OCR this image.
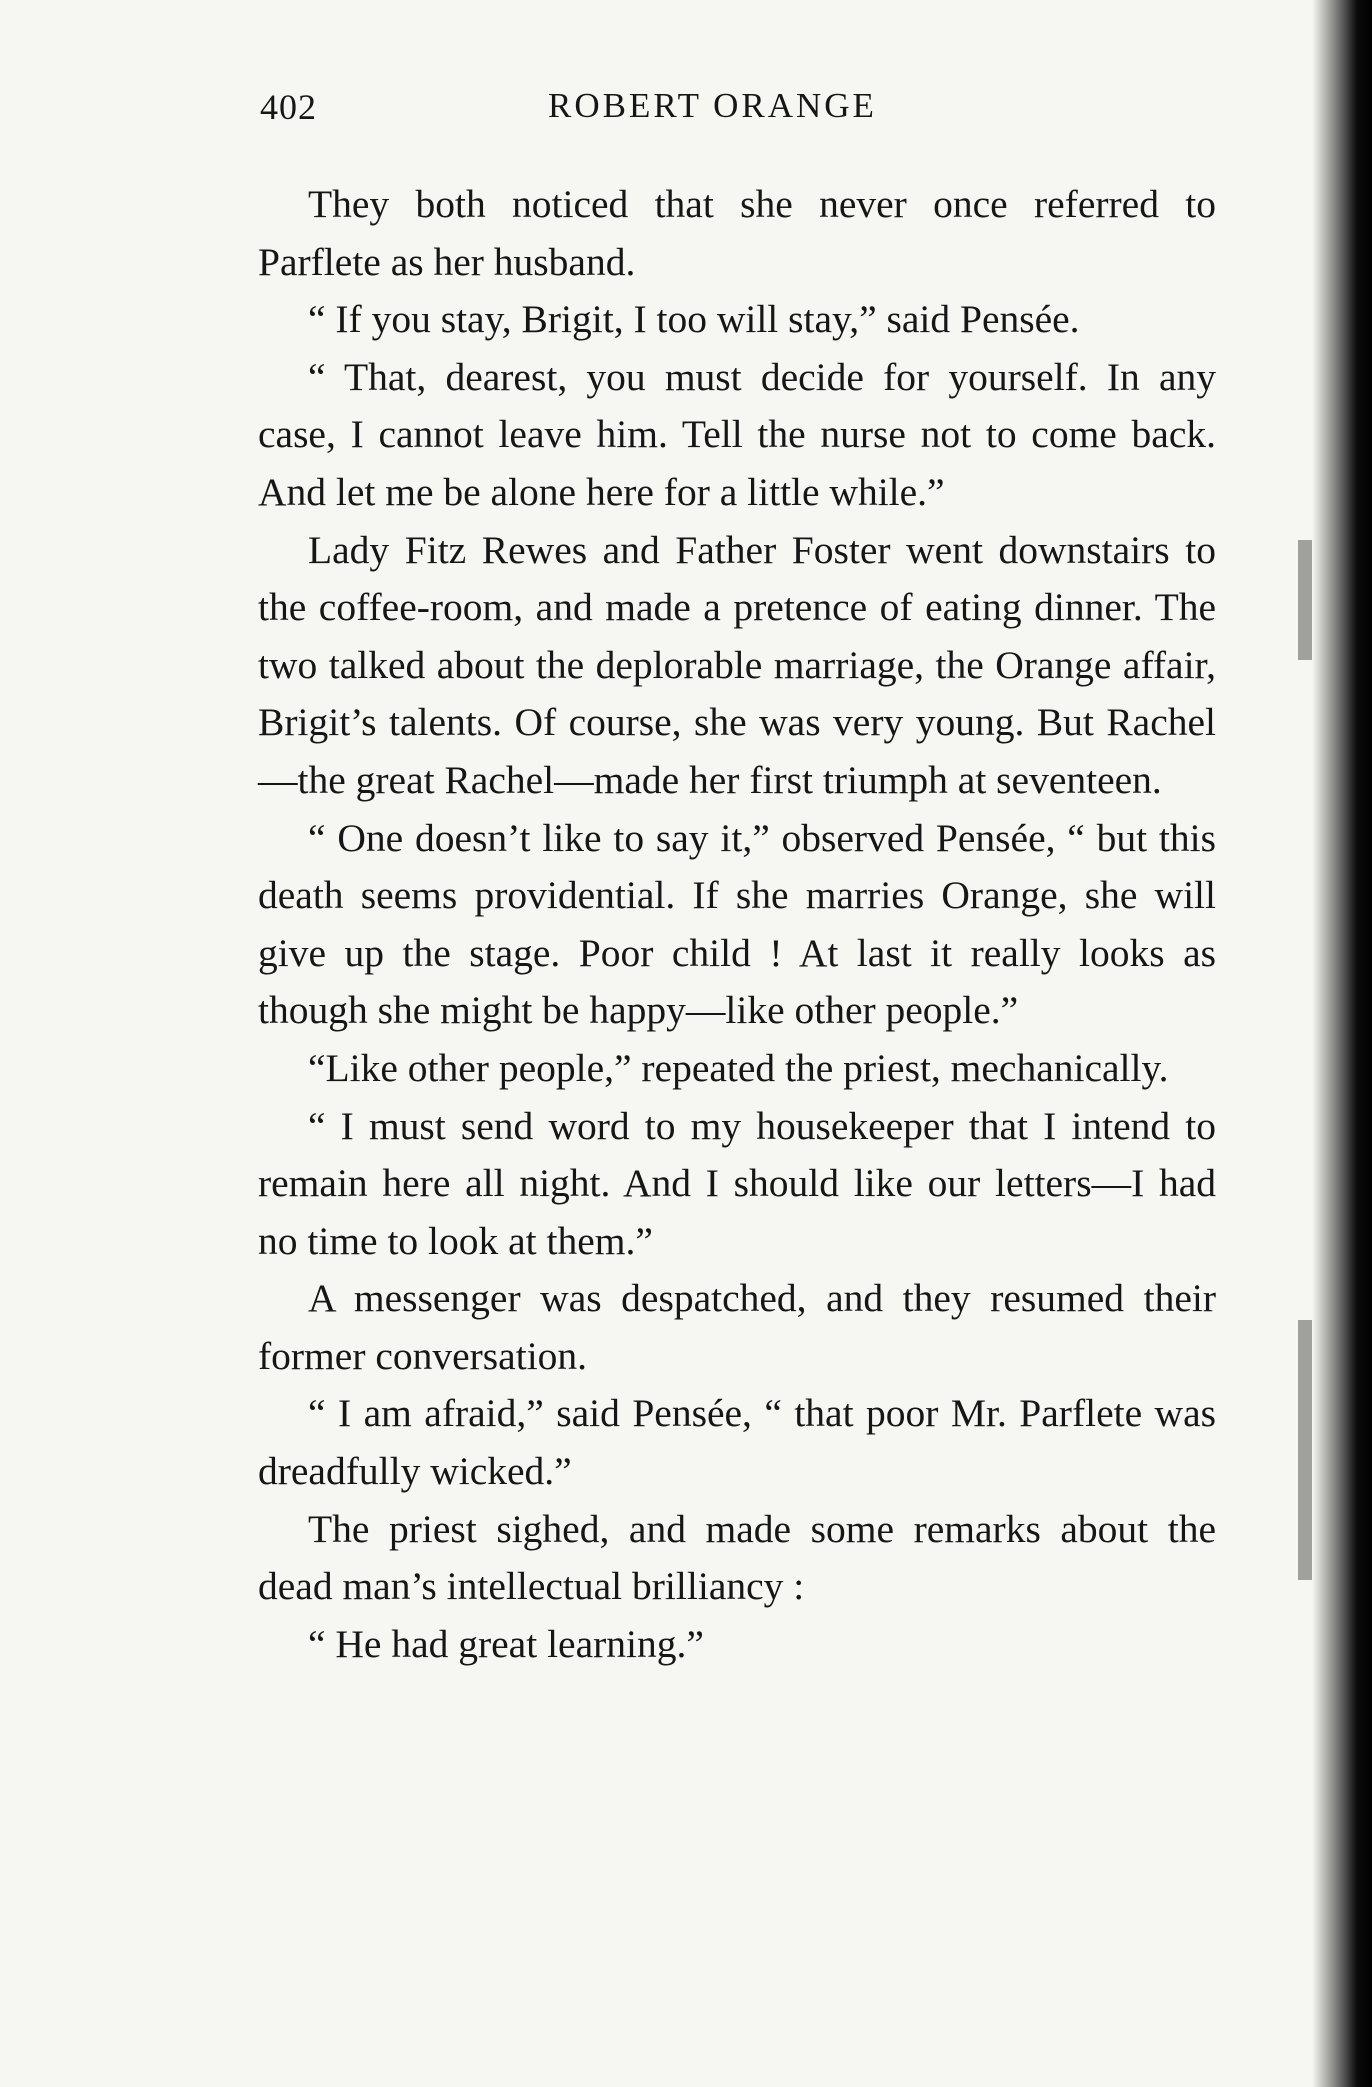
402	ROBERT ORANGE

They both noticed that she never once referred to Parflete as her husband.

“ If you stay, Brigit, I too will stay,” said Pensée.

“ That, dearest, you must decide for yourself. In any case, I cannot leave him. Tell the nurse not to come back. And let me be alone here for a little while.”

Lady Fitz Rewes and Father Foster went downstairs to the coffee-room, and made a pretence of eating dinner. The two talked about the deplorable marriage, the Orange affair, Brigit’s talents. Of course, she was very young. But Rachel—the great Rachel—made her first triumph at seventeen.

“ One doesn’t like to say it,” observed Pensée, “ but this death seems providential. If she marries Orange, she will give up the stage. Poor child ! At last it really looks as though she might be happy—like other people.”

“Like other people,” repeated the priest, mechanically.

“ I must send word to my housekeeper that I intend to remain here all night. And I should like our letters—I had no time to look at them.”

A messenger was despatched, and they resumed their former conversation.

“ I am afraid,” said Pensée, “ that poor Mr. Parflete was dreadfully wicked.”

The priest sighed, and made some remarks about the dead man’s intellectual brilliancy :

“ He had great learning.”
